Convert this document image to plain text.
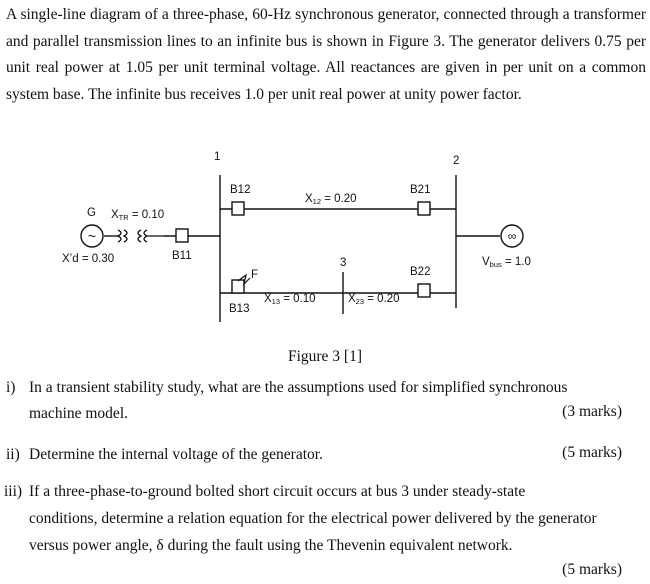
A single-line diagram of a three-phase, 60-Hz synchronous generator, connected through a transformer and parallel transmission lines to an infinite bus is shown in Figure 3. The generator delivers 0.75 per unit real power at 1.05 per unit terminal voltage. All reactances are given in per unit on a common system base. The infinite bus receives 1.0 per unit real power at unity power factor.

~	∞
1	2
3
B12	B21
B11
B22
B13
F
G XTR = 0.10
X’d = 0.30
X12 = 0.20
X13 = 0.10	X23 = 0.20
Vbus = 1.0
Figure 3 [1]
i) In a transient stability study, what are the assumptions used for simplified synchronous
machine model.	(3 marks)
ii) Determine the internal voltage of the generator.	(5 marks)
iii) If a three-phase-to-ground bolted short circuit occurs at bus 3 under steady-state
conditions, determine a relation equation for the electrical power delivered by the generator
versus power angle, δ during the fault using the Thevenin equivalent network.
(5 marks)
